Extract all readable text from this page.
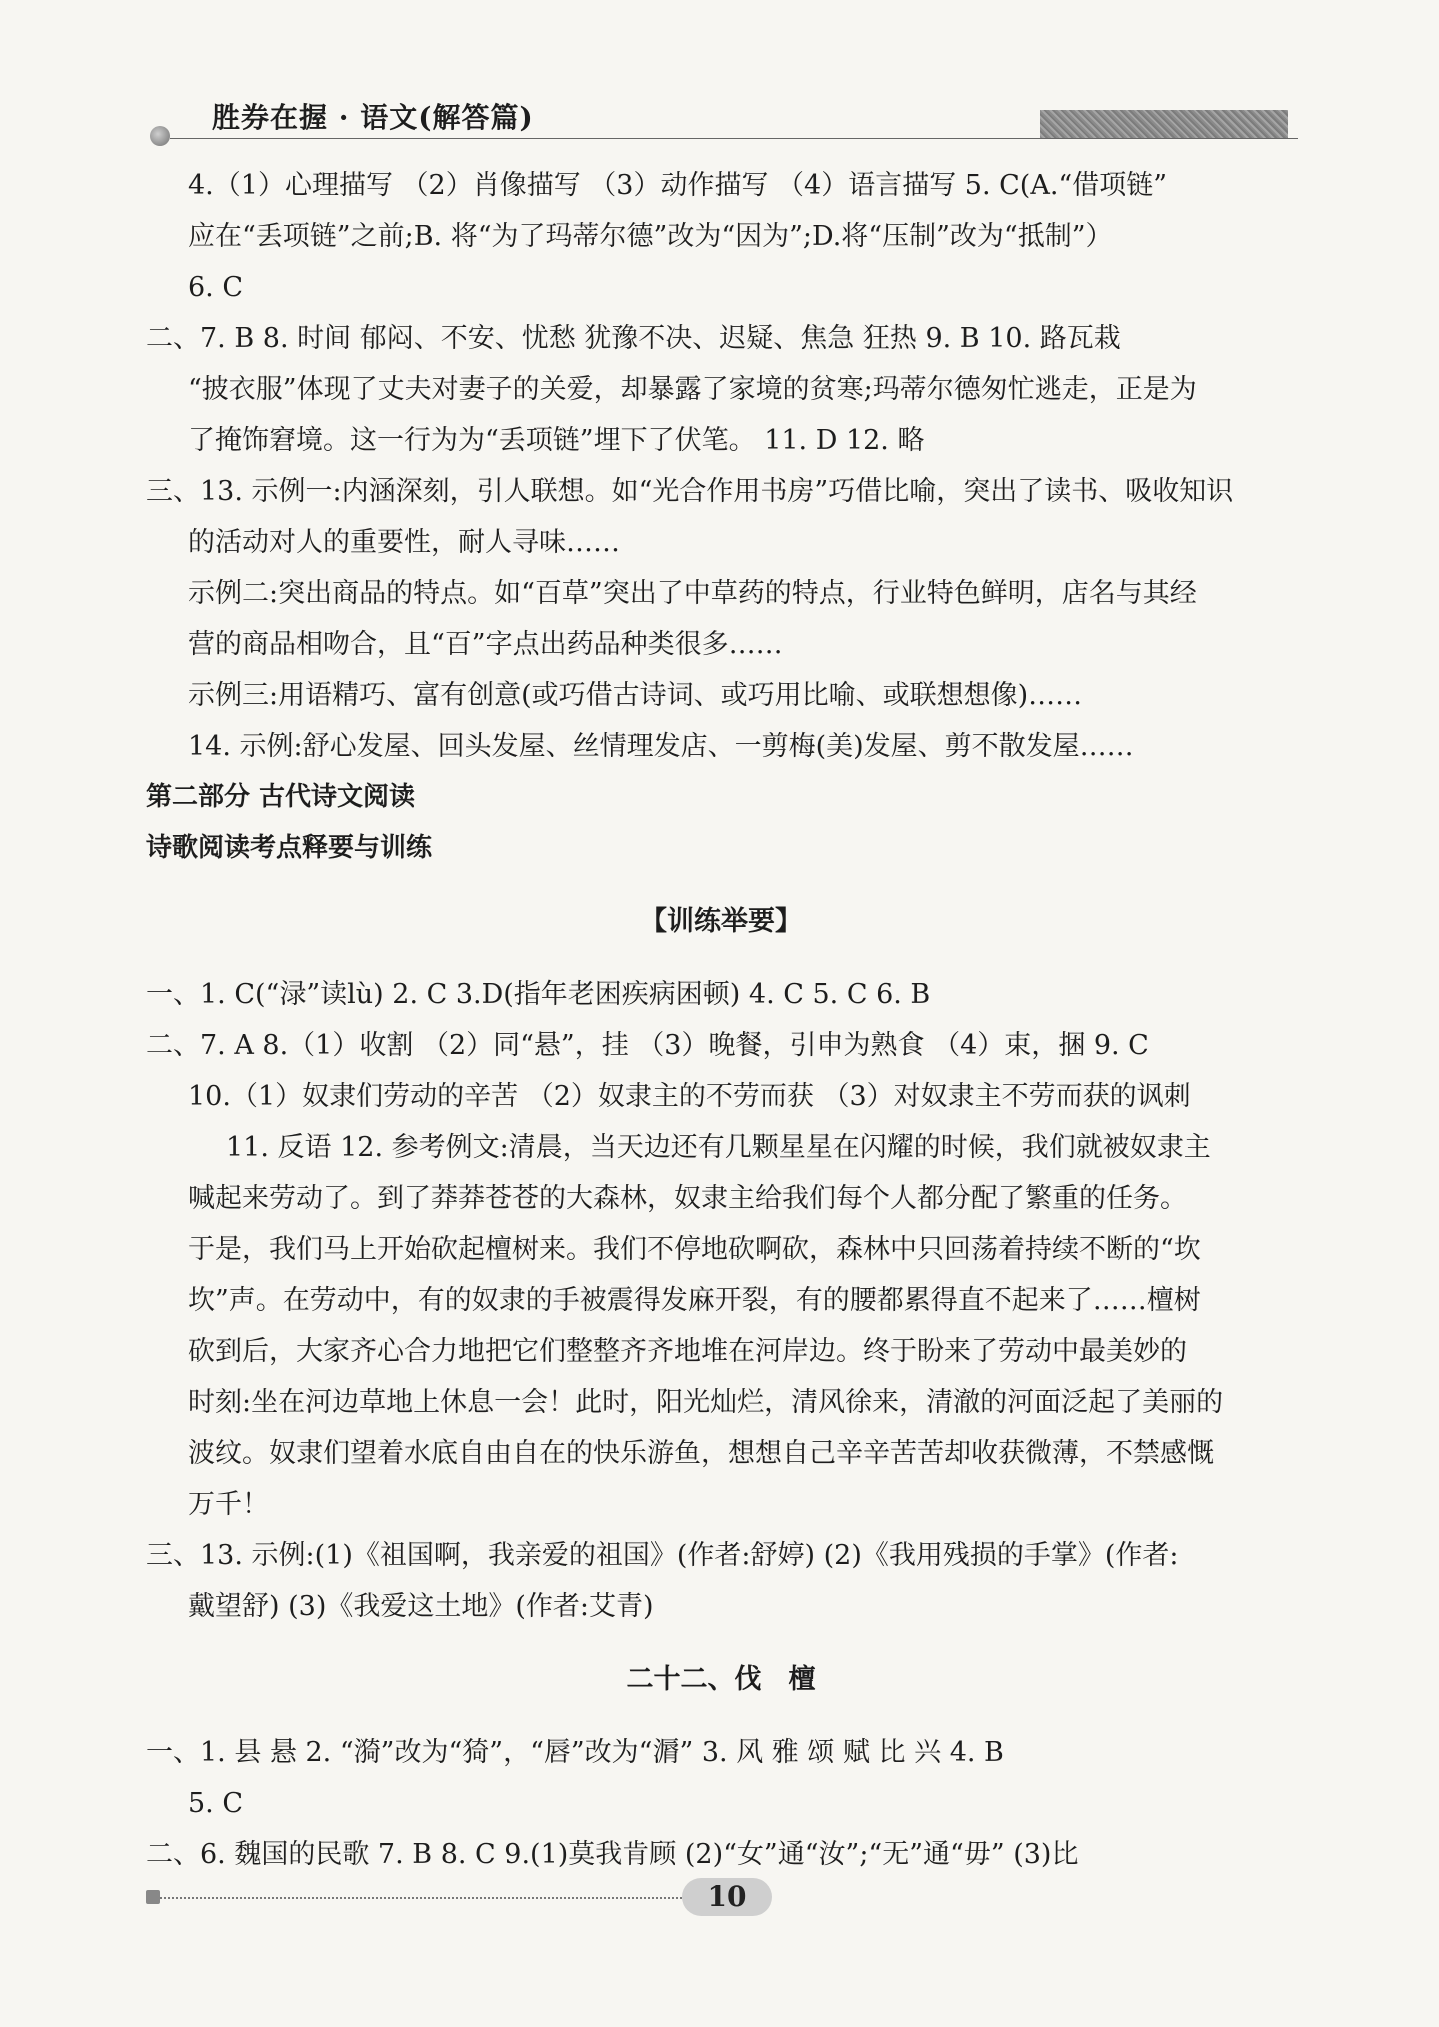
胜券在握 · 语文(解答篇)

4.（1）心理描写 （2）肖像描写 （3）动作描写 （4）语言描写 5. C(A.“借项链”

应在“丢项链”之前;B. 将“为了玛蒂尔德”改为“因为”;D.将“压制”改为“抵制”）

6. C

二、7. B 8. 时间 郁闷、不安、忧愁 犹豫不决、迟疑、焦急 狂热 9. B 10. 路瓦栽

“披衣服”体现了丈夫对妻子的关爱，却暴露了家境的贫寒;玛蒂尔德匆忙逃走，正是为

了掩饰窘境。这一行为为“丢项链”埋下了伏笔。 11. D 12. 略

三、13. 示例一:内涵深刻，引人联想。如“光合作用书房”巧借比喻，突出了读书、吸收知识

的活动对人的重要性，耐人寻味……

示例二:突出商品的特点。如“百草”突出了中草药的特点，行业特色鲜明，店名与其经

营的商品相吻合，且“百”字点出药品种类很多……

示例三:用语精巧、富有创意(或巧借古诗词、或巧用比喻、或联想想像)……

14. 示例:舒心发屋、回头发屋、丝情理发店、一剪梅(美)发屋、剪不散发屋……

第二部分 古代诗文阅读

诗歌阅读考点释要与训练

【训练举要】

一、1. C(“渌”读lù) 2. C 3.D(指年老困疾病困顿) 4. C 5. C 6. B

二、7. A 8.（1）收割 （2）同“悬”，挂 （3）晚餐，引申为熟食 （4）束，捆 9. C

10.（1）奴隶们劳动的辛苦 （2）奴隶主的不劳而获 （3）对奴隶主不劳而获的讽刺

11. 反语 12. 参考例文:清晨，当天边还有几颗星星在闪耀的时候，我们就被奴隶主

喊起来劳动了。到了莽莽苍苍的大森林，奴隶主给我们每个人都分配了繁重的任务。

于是，我们马上开始砍起檀树来。我们不停地砍啊砍，森林中只回荡着持续不断的“坎

坎”声。在劳动中，有的奴隶的手被震得发麻开裂，有的腰都累得直不起来了……檀树

砍到后，大家齐心合力地把它们整整齐齐地堆在河岸边。终于盼来了劳动中最美妙的

时刻:坐在河边草地上休息一会！此时，阳光灿烂，清风徐来，清澈的河面泛起了美丽的

波纹。奴隶们望着水底自由自在的快乐游鱼，想想自己辛辛苦苦却收获微薄，不禁感慨

万千！

三、13. 示例:(1)《祖国啊，我亲爱的祖国》(作者:舒婷) (2)《我用残损的手掌》(作者:

戴望舒) (3)《我爱这土地》(作者:艾青)

二十二、伐　檀

一、1. 县 悬 2. “漪”改为“猗”，“唇”改为“漘” 3. 风 雅 颂 赋 比 兴 4. B

5. C

二、6. 魏国的民歌 7. B 8. C 9.(1)莫我肯顾 (2)“女”通“汝”;“无”通“毋” (3)比

10
